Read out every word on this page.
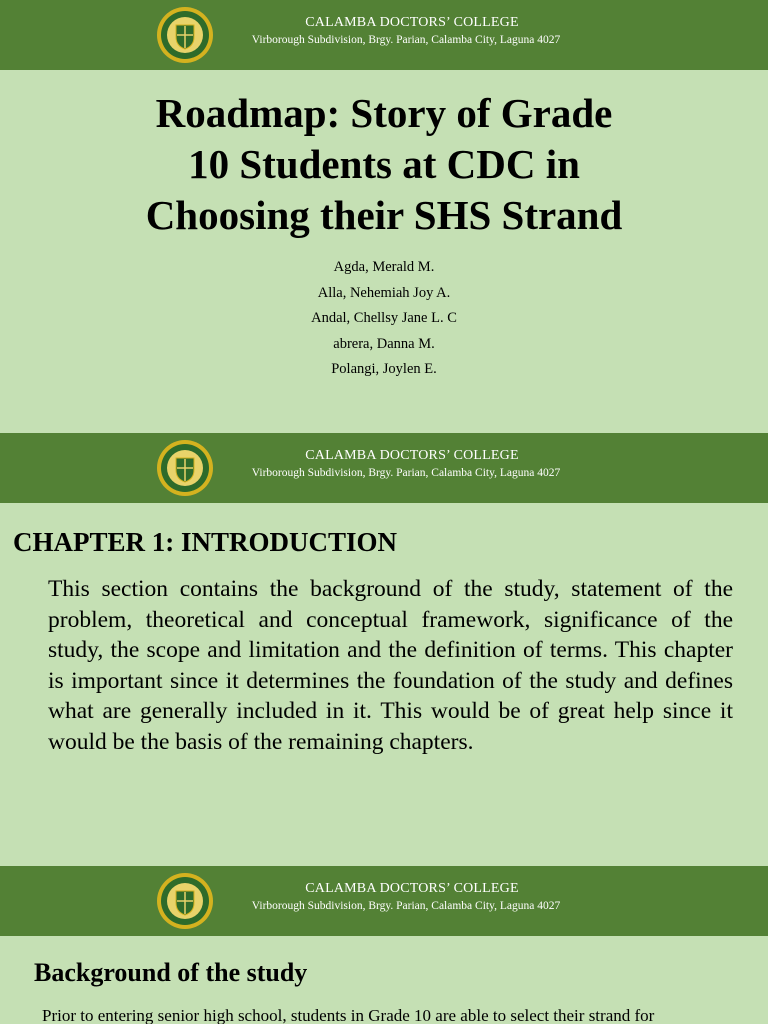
CALAMBA DOCTORS’ COLLEGE
Virborough Subdivision, Brgy. Parian, Calamba City, Laguna 4027
Roadmap: Story of Grade
10 Students at CDC in
Choosing their SHS Strand
Agda, Merald M.
Alla, Nehemiah Joy A.
Andal, Chellsy Jane L. C
abrera, Danna M.
Polangi, Joylen E.
CALAMBA DOCTORS’ COLLEGE
Virborough Subdivision, Brgy. Parian, Calamba City, Laguna 4027
CHAPTER 1: INTRODUCTION
This section contains the background of the study, statement of the problem, theoretical and conceptual framework, significance of the study, the scope and limitation and the definition of terms. This chapter is important since it determines the foundation of the study and defines what are generally included in it. This would be of great help since it would be the basis of the remaining chapters.
CALAMBA DOCTORS’ COLLEGE
Virborough Subdivision, Brgy. Parian, Calamba City, Laguna 4027
Background of the study
Prior to entering senior high school, students in Grade 10 are able to select their strand for
